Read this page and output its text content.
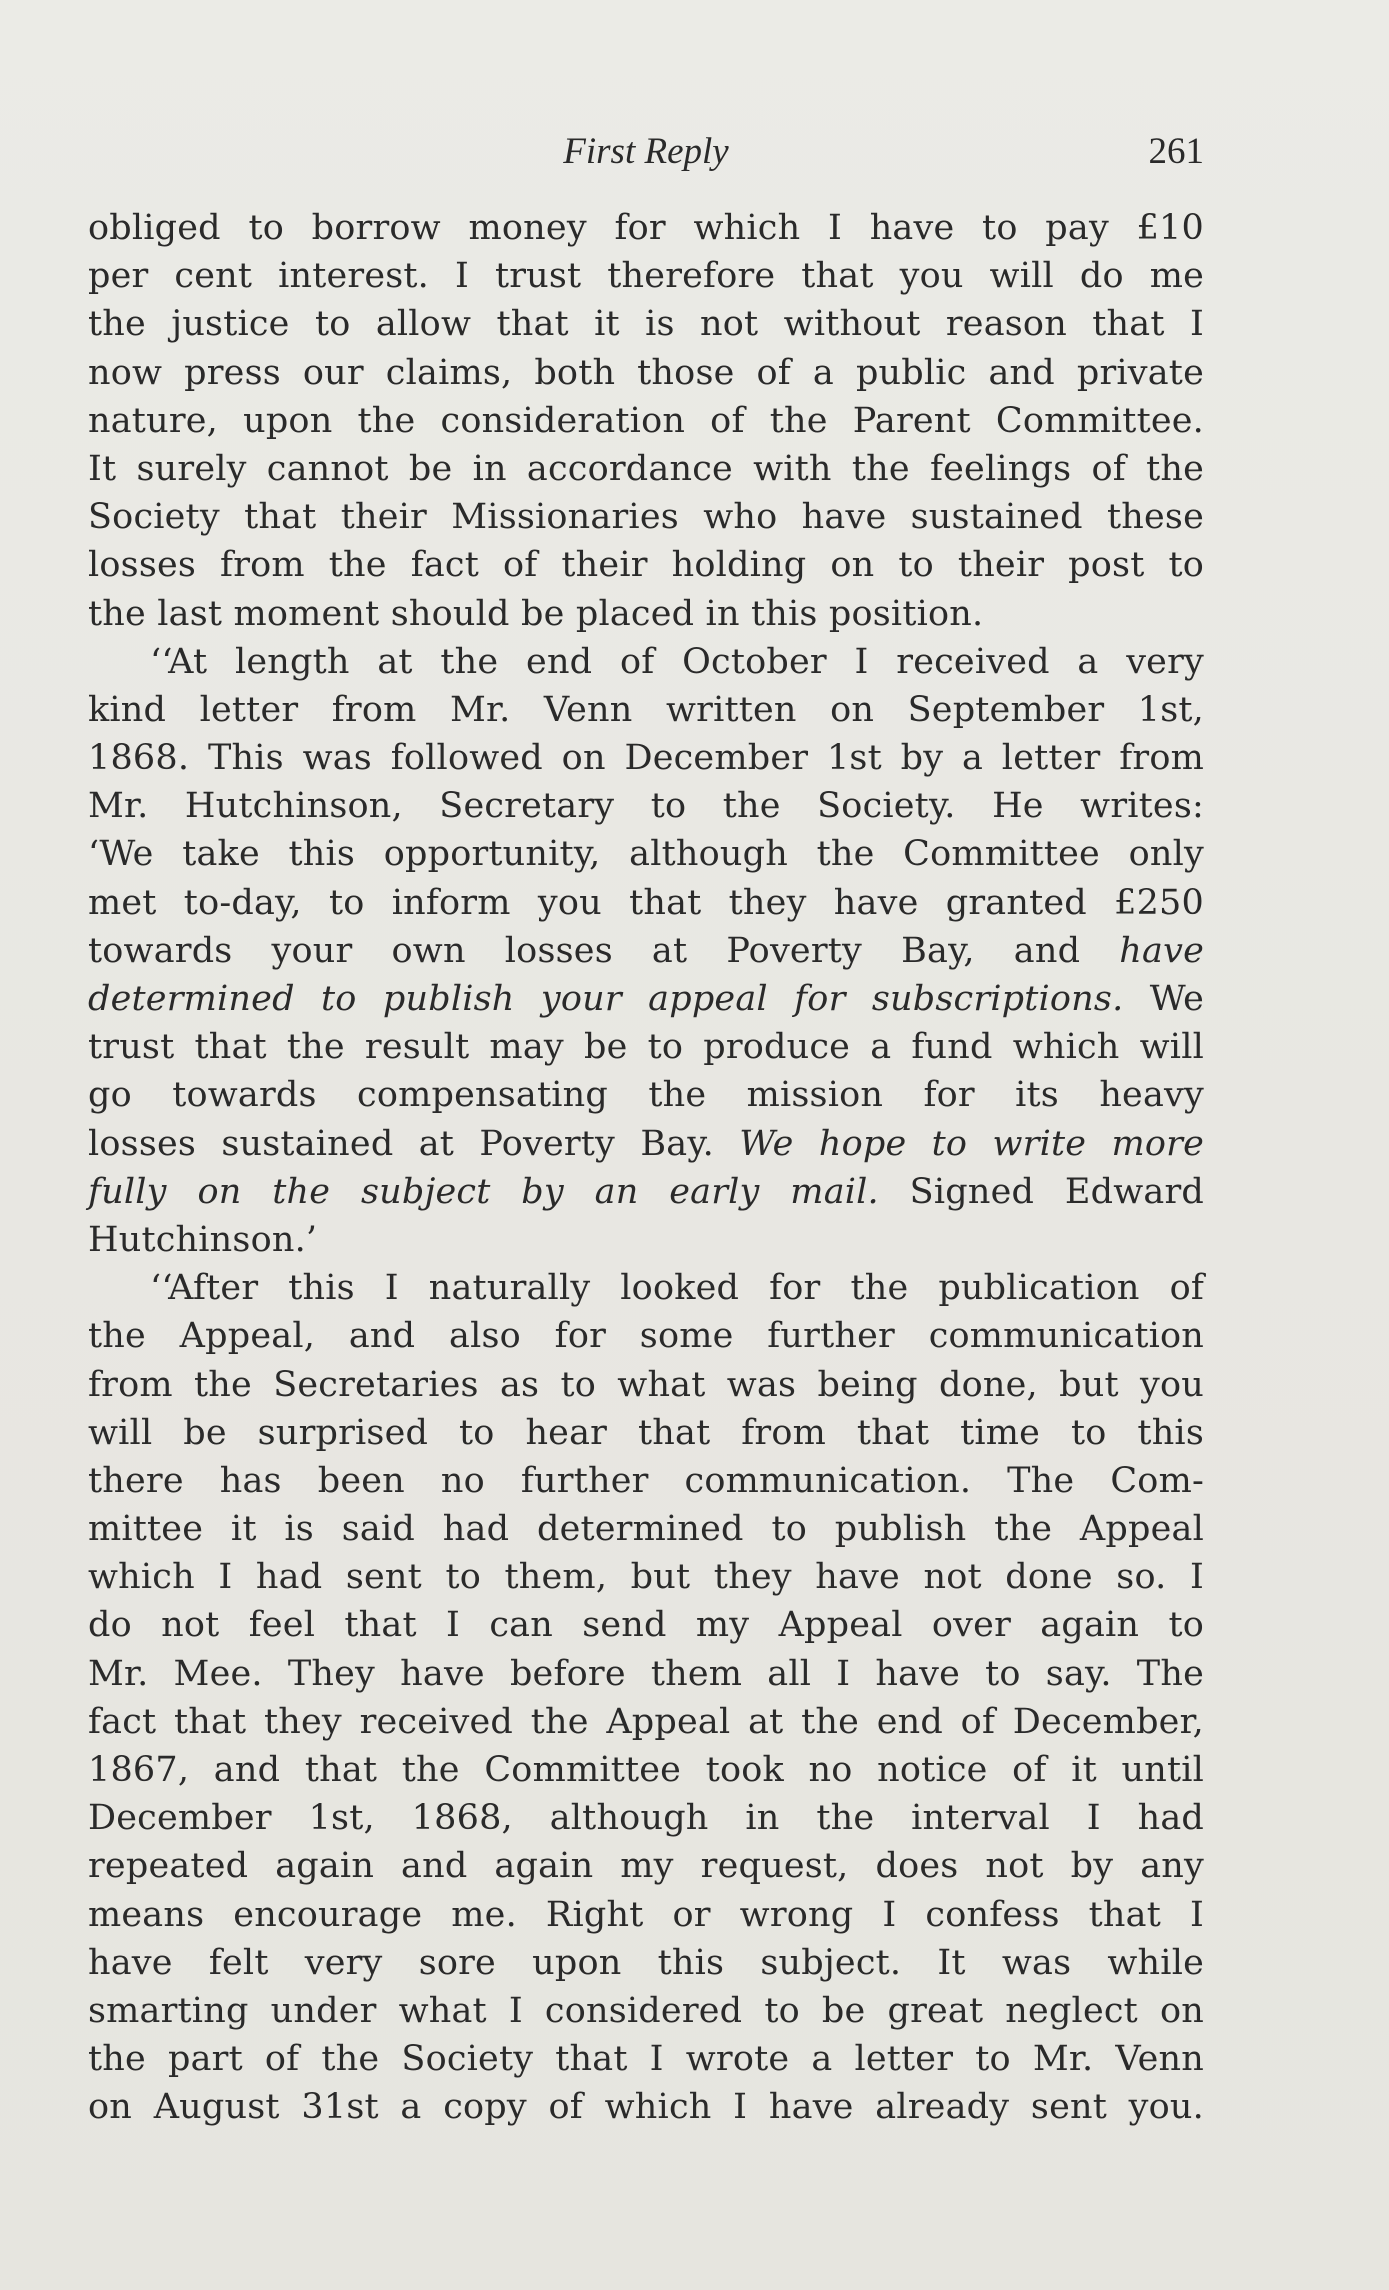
First Reply	261
obliged to borrow money for which I have to pay £10
per cent interest. I trust therefore that you will do me
the justice to allow that it is not without reason that I
now press our claims, both those of a public and private
nature, upon the consideration of the Parent Committee.
It surely cannot be in accordance with the feelings of the
Society that their Missionaries who have sustained these
losses from the fact of their holding on to their post to
the last moment should be placed in this position.
‘‘At length at the end of October I received a very
kind letter from Mr. Venn written on September 1st,
1868. This was followed on December 1st by a letter from
Mr. Hutchinson, Secretary to the Society. He writes:
‘We take this opportunity, although the Committee only
met to-day, to inform you that they have granted £250
towards your own losses at Poverty Bay, and have
determined to publish your appeal for subscriptions. We
trust that the result may be to produce a fund which will
go towards compensating the mission for its heavy
losses sustained at Poverty Bay. We hope to write more
fully on the subject by an early mail. Signed Edward
Hutchinson.’
‘‘After this I naturally looked for the publication of
the Appeal, and also for some further communication
from the Secretaries as to what was being done, but you
will be surprised to hear that from that time to this
there has been no further communication. The Com-
mittee it is said had determined to publish the Appeal
which I had sent to them, but they have not done so. I
do not feel that I can send my Appeal over again to
Mr. Mee. They have before them all I have to say. The
fact that they received the Appeal at the end of December,
1867, and that the Committee took no notice of it until
December 1st, 1868, although in the interval I had
repeated again and again my request, does not by any
means encourage me. Right or wrong I confess that I
have felt very sore upon this subject. It was while
smarting under what I considered to be great neglect on
the part of the Society that I wrote a letter to Mr. Venn
on August 31st a copy of which I have already sent you.
